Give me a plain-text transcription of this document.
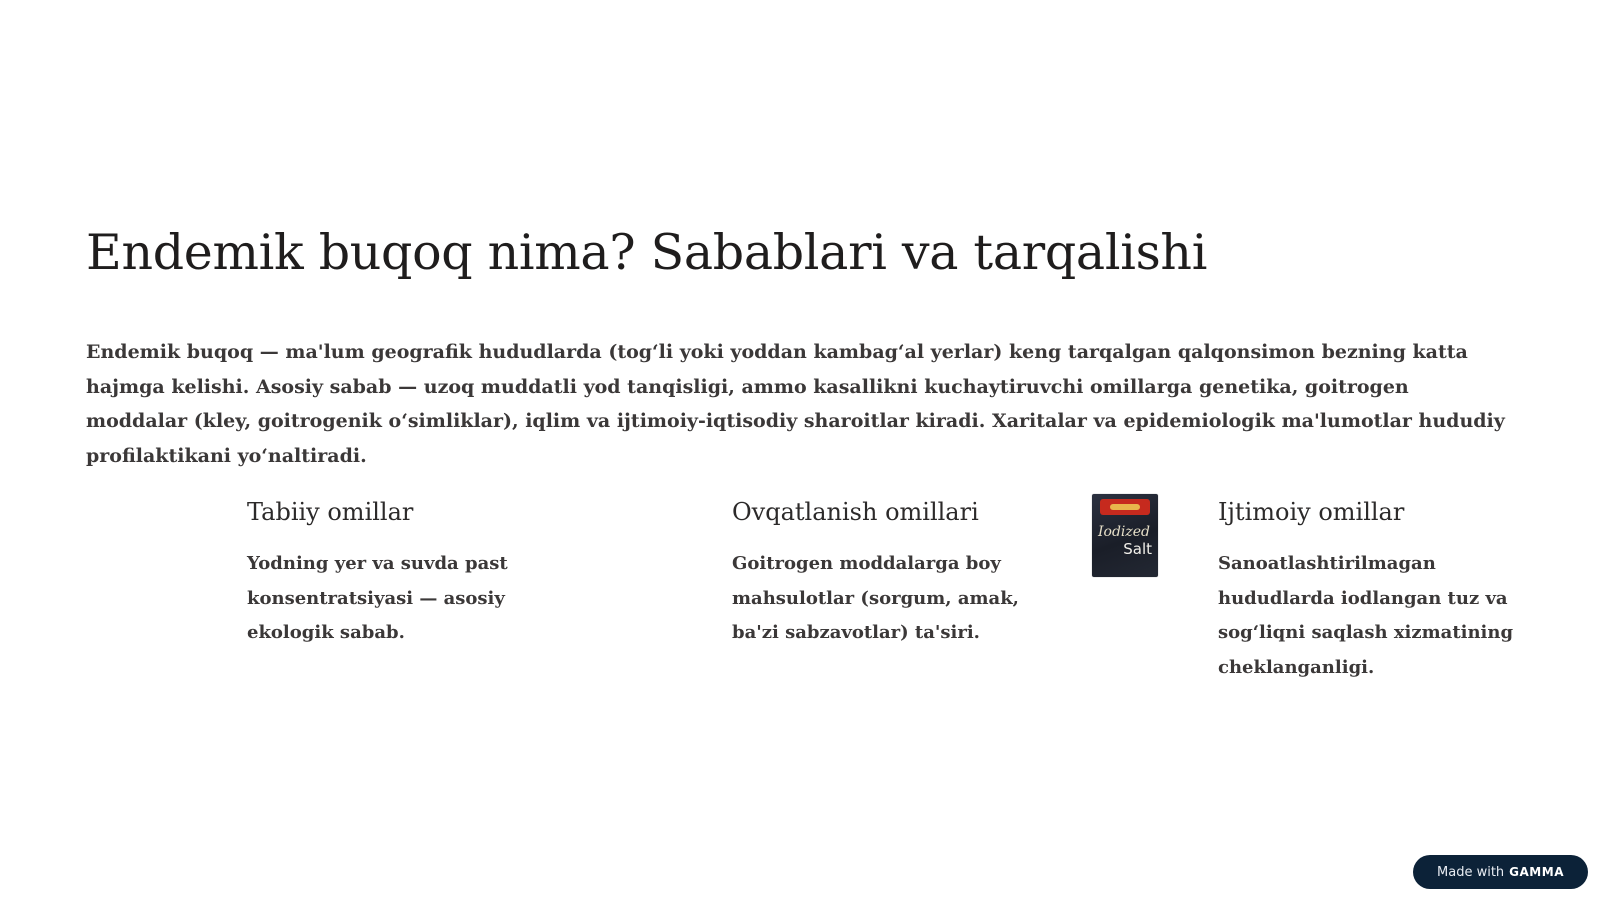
Endemik buqoq nima? Sabablari va tarqalishi

Endemik buqoq — ma'lum geografik hududlarda (tog‘li yoki yoddan kambag‘al yerlar) keng tarqalgan qalqonsimon bezning katta hajmga kelishi. Asosiy sabab — uzoq muddatli yod tanqisligi, ammo kasallikni kuchaytiruvchi omillarga genetika, goitrogen moddalar (kley, goitrogenik o‘simliklar), iqlim va ijtimoiy-iqtisodiy sharoitlar kiradi. Xaritalar va epidemiologik ma'lumotlar hududiy profilaktikani yo‘naltiradi.

Tabiiy omillar

Yodning yer va suvda past konsentratsiyasi — asosiy ekologik sabab.

Ovqatlanish omillari

Goitrogen moddalarga boy mahsulotlar (sorgum, amak, ba'zi sabzavotlar) ta'siri.

Iodized
Salt
Ijtimoiy omillar

Sanoatlashtirilmagan hududlarda iodlangan tuz va sog‘liqni saqlash xizmatining cheklanganligi.

Made with GAMMA
